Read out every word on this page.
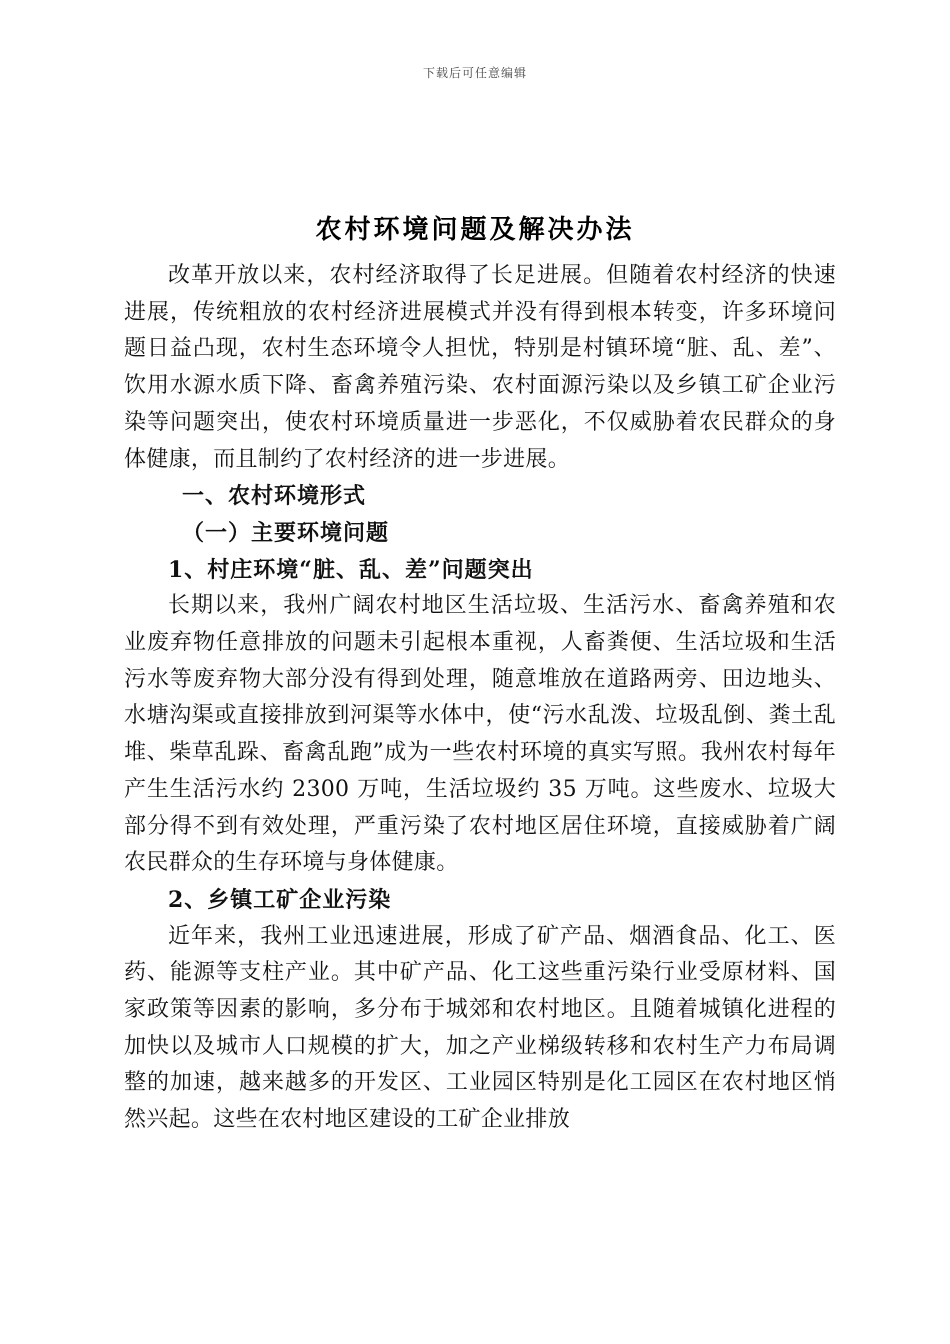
下载后可任意编辑
农村环境问题及解决办法

改革开放以来，农村经济取得了长足进展。但随着农村经济的快速进展，传统粗放的农村经济进展模式并没有得到根本转变，许多环境问题日益凸现，农村生态环境令人担忧，特别是村镇环境“脏、乱、差”、饮用水源水质下降、畜禽养殖污染、农村面源污染以及乡镇工矿企业污染等问题突出，使农村环境质量进一步恶化，不仅威胁着农民群众的身体健康，而且制约了农村经济的进一步进展。

一、农村环境形式
（一）主要环境问题
1、村庄环境“脏、乱、差”问题突出

长期以来，我州广阔农村地区生活垃圾、生活污水、畜禽养殖和农业废弃物任意排放的问题未引起根本重视，人畜粪便、生活垃圾和生活污水等废弃物大部分没有得到处理，随意堆放在道路两旁、田边地头、水塘沟渠或直接排放到河渠等水体中，使“污水乱泼、垃圾乱倒、粪土乱堆、柴草乱跺、畜禽乱跑”成为一些农村环境的真实写照。我州农村每年产生生活污水约 2300 万吨，生活垃圾约 35 万吨。这些废水、垃圾大部分得不到有效处理，严重污染了农村地区居住环境，直接威胁着广阔农民群众的生存环境与身体健康。

2、乡镇工矿企业污染

近年来，我州工业迅速进展，形成了矿产品、烟酒食品、化工、医药、能源等支柱产业。其中矿产品、化工这些重污染行业受原材料、国家政策等因素的影响，多分布于城郊和农村地区。且随着城镇化进程的加快以及城市人口规模的扩大，加之产业梯级转移和农村生产力布局调整的加速，越来越多的开发区、工业园区特别是化工园区在农村地区悄然兴起。这些在农村地区建设的工矿企业排放
